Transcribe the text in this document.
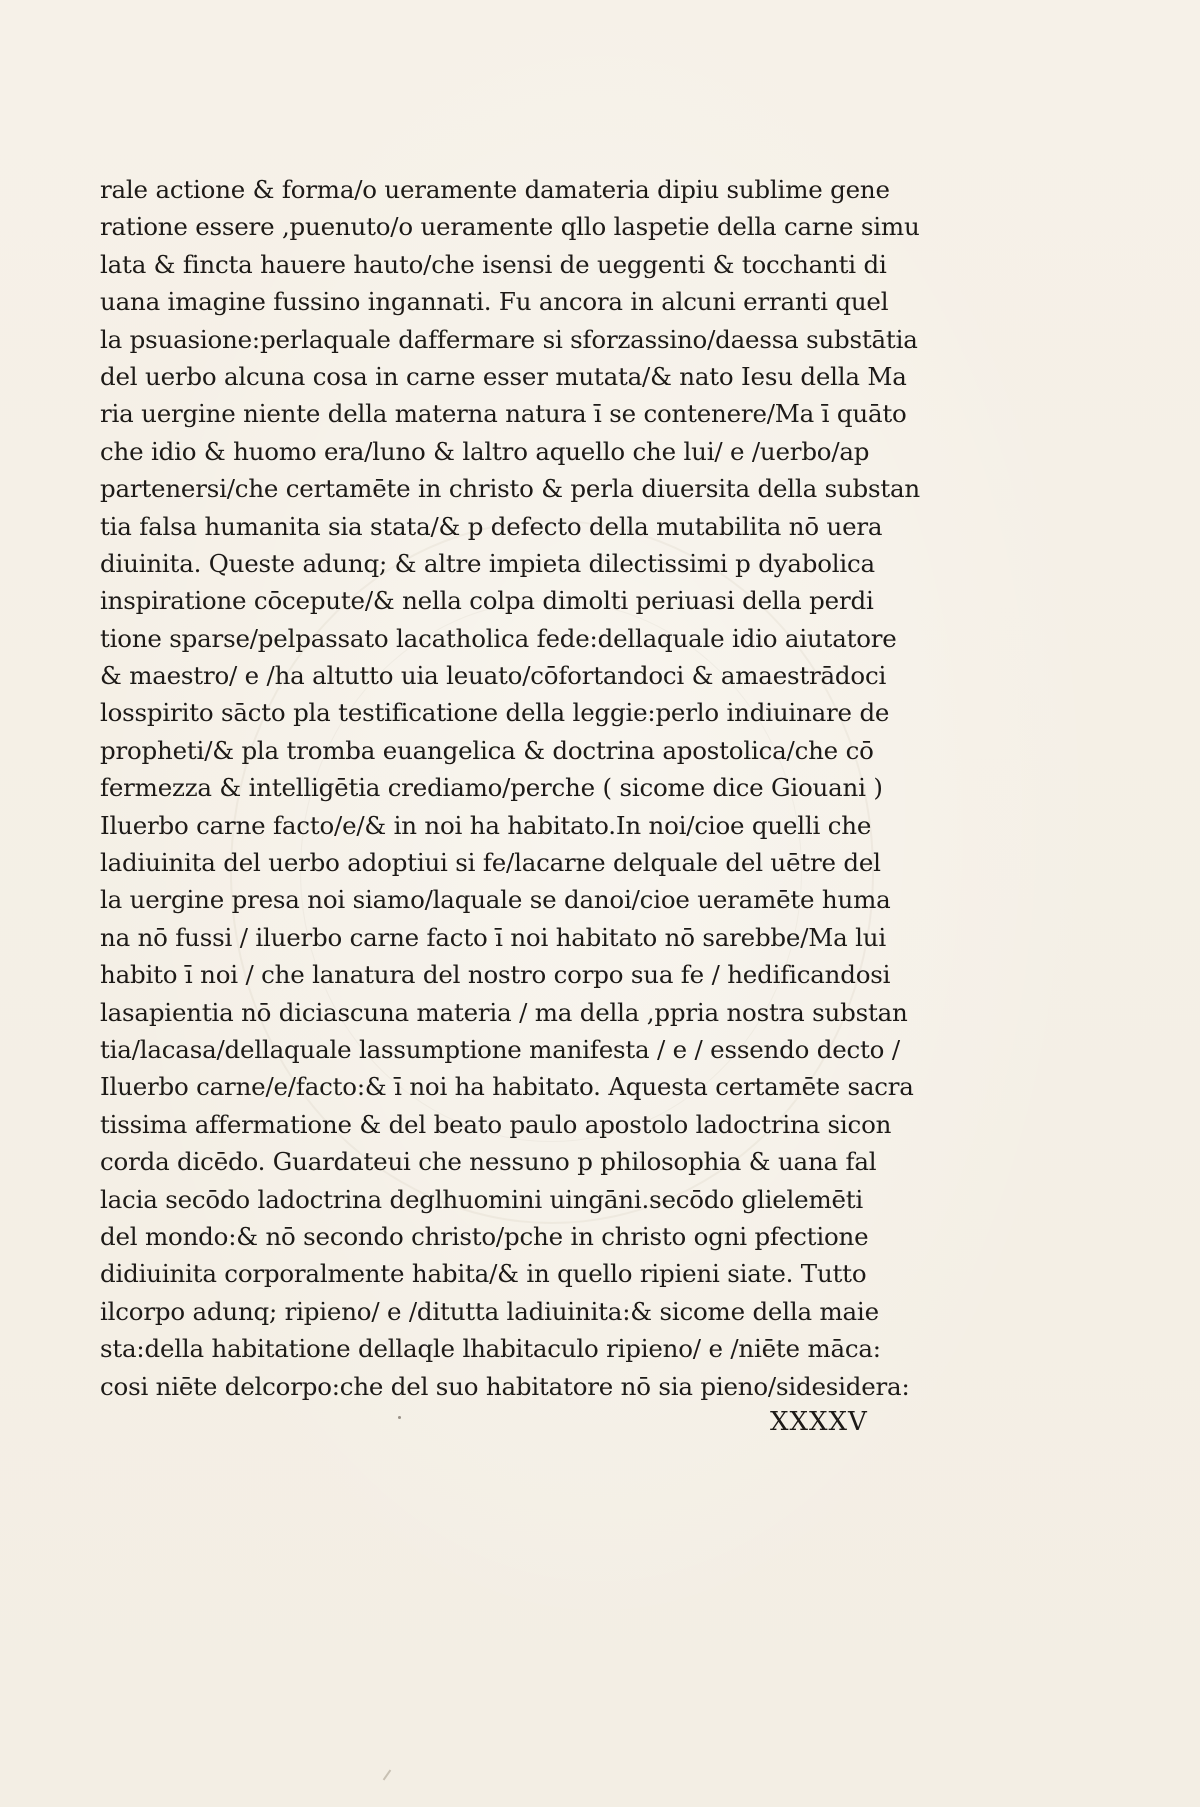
rale actione & forma/o ueramente damateria dipiu sublime gene
ratione essere ,puenuto/o ueramente qllo laspetie della carne simu
lata & fincta hauere hauto/che isensi de ueggenti & tocchanti di
uana imagine fussino ingannati. Fu ancora in alcuni erranti quel
la psuasione:perlaquale daffermare si sforzassino/daessa substātia
del uerbo alcuna cosa in carne esser mutata/& nato Iesu della Ma
ria uergine niente della materna natura ī se contenere/Ma ī quāto
che idio & huomo era/luno & laltro aquello che lui/ e /uerbo/ap
partenersi/che certamēte in christo & perla diuersita della substan
tia falsa humanita sia stata/& p defecto della mutabilita nō uera
diuinita. Queste adunq; & altre impieta dilectissimi p dyabolica
inspiratione cōcepute/& nella colpa dimolti periuasi della perdi
tione sparse/pelpassato lacatholica fede:dellaquale idio aiutatore
& maestro/ e /ha altutto uia leuato/cōfortandoci & amaestrādoci
losspirito sācto pla testificatione della leggie:perlo indiuinare de
propheti/& pla tromba euangelica & doctrina apostolica/che cō
fermezza & intelligētia crediamo/perche ( sicome dice Giouani )
Iluerbo carne facto/e/& in noi ha habitato.In noi/cioe quelli che
ladiuinita del uerbo adoptiui si fe/lacarne delquale del uētre del
la uergine presa noi siamo/laquale se danoi/cioe ueramēte huma
na nō fussi / iluerbo carne facto ī noi habitato nō sarebbe/Ma lui
habito ī noi / che lanatura del nostro corpo sua fe / hedificandosi
lasapientia nō diciascuna materia / ma della ,ppria nostra substan
tia/lacasa/dellaquale lassumptione manifesta / e / essendo decto /
Iluerbo carne/e/facto:& ī noi ha habitato. Aquesta certamēte sacra
tissima affermatione & del beato paulo apostolo ladoctrina sicon
corda dicēdo. Guardateui che nessuno p philosophia & uana fal
lacia secōdo ladoctrina deglhuomini uingāni.secōdo glielemēti
del mondo:& nō secondo christo/pche in christo ogni pfectione
didiuinita corporalmente habita/& in quello ripieni siate. Tutto
ilcorpo adunq; ripieno/ e /ditutta ladiuinita:& sicome della maie
sta:della habitatione dellaqle lhabitaculo ripieno/ e /niēte māca:
cosi niēte delcorpo:che del suo habitatore nō sia pieno/sidesidera:
XXXXV
